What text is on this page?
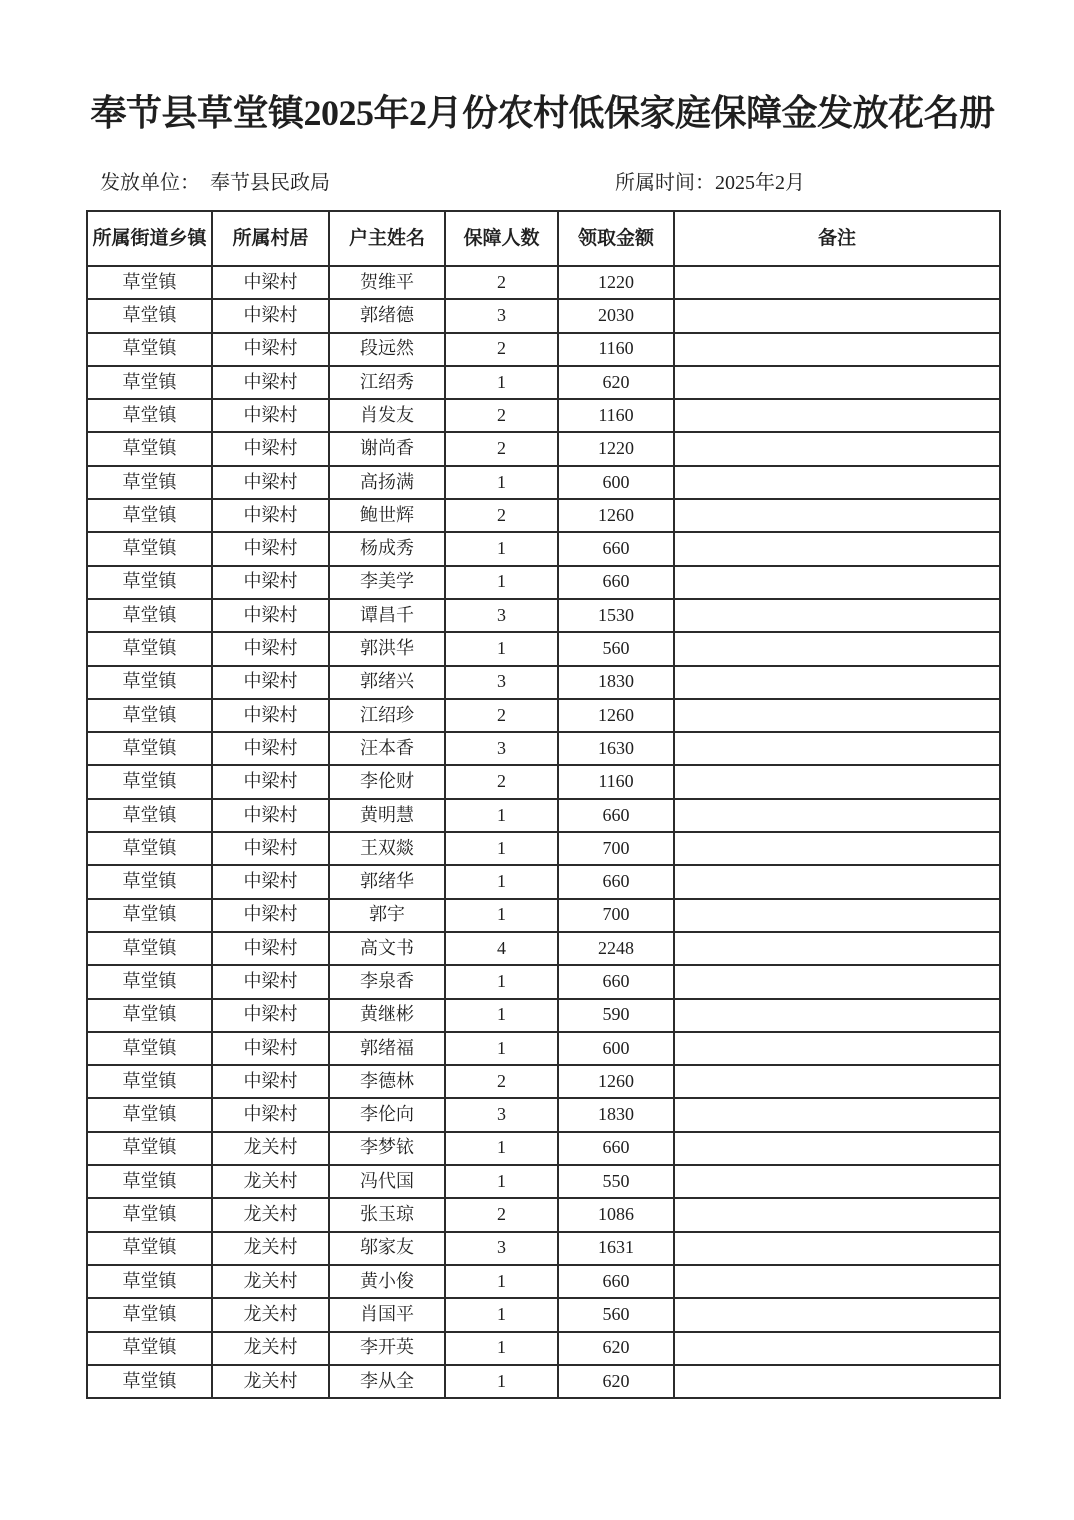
奉节县草堂镇2025年2月份农村低保家庭保障金发放花名册
发放单位： 奉节县民政局	所属时间：2025年2月
所属街道乡镇	所属村居	户主姓名	保障人数	领取金额	备注
草堂镇	中梁村	贺维平	2	1220	
草堂镇	中梁村	郭绪德	3	2030	
草堂镇	中梁村	段远然	2	1160	
草堂镇	中梁村	江绍秀	1	620	
草堂镇	中梁村	肖发友	2	1160	
草堂镇	中梁村	谢尚香	2	1220	
草堂镇	中梁村	高扬满	1	600	
草堂镇	中梁村	鲍世辉	2	1260	
草堂镇	中梁村	杨成秀	1	660	
草堂镇	中梁村	李美学	1	660	
草堂镇	中梁村	谭昌千	3	1530	
草堂镇	中梁村	郭洪华	1	560	
草堂镇	中梁村	郭绪兴	3	1830	
草堂镇	中梁村	江绍珍	2	1260	
草堂镇	中梁村	汪本香	3	1630	
草堂镇	中梁村	李伦财	2	1160	
草堂镇	中梁村	黄明慧	1	660	
草堂镇	中梁村	王双燚	1	700	
草堂镇	中梁村	郭绪华	1	660	
草堂镇	中梁村	郭宇	1	700	
草堂镇	中梁村	高文书	4	2248	
草堂镇	中梁村	李泉香	1	660	
草堂镇	中梁村	黄继彬	1	590	
草堂镇	中梁村	郭绪福	1	600	
草堂镇	中梁村	李德林	2	1260	
草堂镇	中梁村	李伦向	3	1830	
草堂镇	龙关村	李梦铱	1	660	
草堂镇	龙关村	冯代国	1	550	
草堂镇	龙关村	张玉琼	2	1086	
草堂镇	龙关村	邬家友	3	1631	
草堂镇	龙关村	黄小俊	1	660	
草堂镇	龙关村	肖国平	1	560	
草堂镇	龙关村	李开英	1	620	
草堂镇	龙关村	李从全	1	620	
